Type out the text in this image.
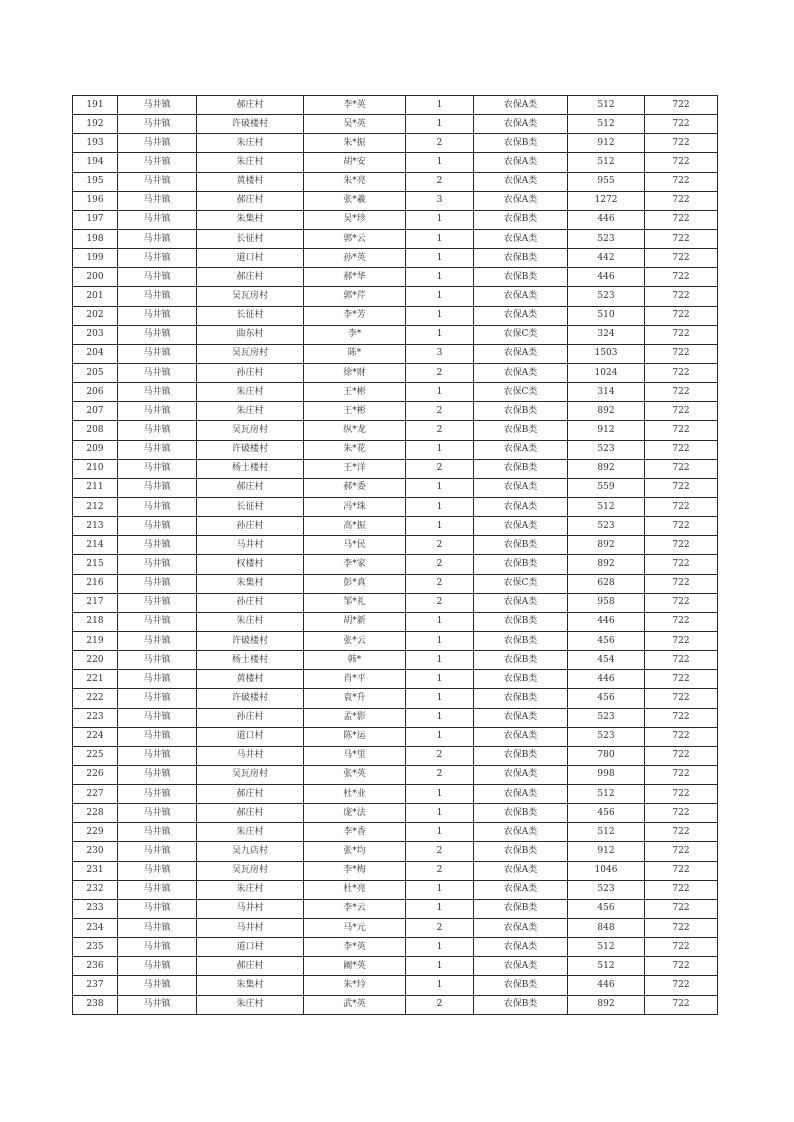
191	马井镇	郝庄村	李*英	1	农保A类	512	722
192	马井镇	许破楼村	吴*英	1	农保A类	512	722
193	马井镇	朱庄村	朱*振	2	农保B类	912	722
194	马井镇	朱庄村	胡*安	1	农保A类	512	722
195	马井镇	黄楼村	朱*亮	2	农保A类	955	722
196	马井镇	郝庄村	张*羲	3	农保A类	1272	722
197	马井镇	朱集村	吴*珍	1	农保B类	446	722
198	马井镇	长征村	郭*云	1	农保A类	523	722
199	马井镇	道口村	孙*英	1	农保B类	442	722
200	马井镇	郝庄村	郝*华	1	农保B类	446	722
201	马井镇	吴瓦房村	郭*芹	1	农保A类	523	722
202	马井镇	长征村	李*芳	1	农保A类	510	722
203	马井镇	曲东村	李*	1	农保C类	324	722
204	马井镇	吴瓦房村	陈*	3	农保A类	1503	722
205	马井镇	孙庄村	徐*财	2	农保A类	1024	722
206	马井镇	朱庄村	王*彬	1	农保C类	314	722
207	马井镇	朱庄村	王*彬	2	农保B类	892	722
208	马井镇	吴瓦房村	纵*龙	2	农保B类	912	722
209	马井镇	许破楼村	朱*花	1	农保A类	523	722
210	马井镇	杨土楼村	王*洋	2	农保B类	892	722
211	马井镇	郝庄村	郝*委	1	农保A类	559	722
212	马井镇	长征村	冯*珠	1	农保A类	512	722
213	马井镇	孙庄村	高*振	1	农保A类	523	722
214	马井镇	马井村	马*民	2	农保B类	892	722
215	马井镇	权楼村	李*家	2	农保B类	892	722
216	马井镇	朱集村	彭*真	2	农保C类	628	722
217	马井镇	孙庄村	邹*礼	2	农保A类	958	722
218	马井镇	朱庄村	胡*新	1	农保B类	446	722
219	马井镇	许破楼村	张*云	1	农保B类	456	722
220	马井镇	杨土楼村	韩*	1	农保B类	454	722
221	马井镇	黄楼村	肖*平	1	农保B类	446	722
222	马井镇	许破楼村	袁*升	1	农保B类	456	722
223	马井镇	孙庄村	孟*影	1	农保A类	523	722
224	马井镇	道口村	陈*运	1	农保A类	523	722
225	马井镇	马井村	马*里	2	农保B类	780	722
226	马井镇	吴瓦房村	张*英	2	农保A类	998	722
227	马井镇	郝庄村	杜*业	1	农保A类	512	722
228	马井镇	郝庄村	庞*法	1	农保B类	456	722
229	马井镇	朱庄村	李*香	1	农保A类	512	722
230	马井镇	吴九店村	张*均	2	农保B类	912	722
231	马井镇	吴瓦房村	李*梅	2	农保A类	1046	722
232	马井镇	朱庄村	杜*亮	1	农保A类	523	722
233	马井镇	马井村	李*云	1	农保B类	456	722
234	马井镇	马井村	马*元	2	农保A类	848	722
235	马井镇	道口村	李*英	1	农保A类	512	722
236	马井镇	郝庄村	阚*英	1	农保A类	512	722
237	马井镇	朱集村	朱*玲	1	农保B类	446	722
238	马井镇	朱庄村	武*英	2	农保B类	892	722
